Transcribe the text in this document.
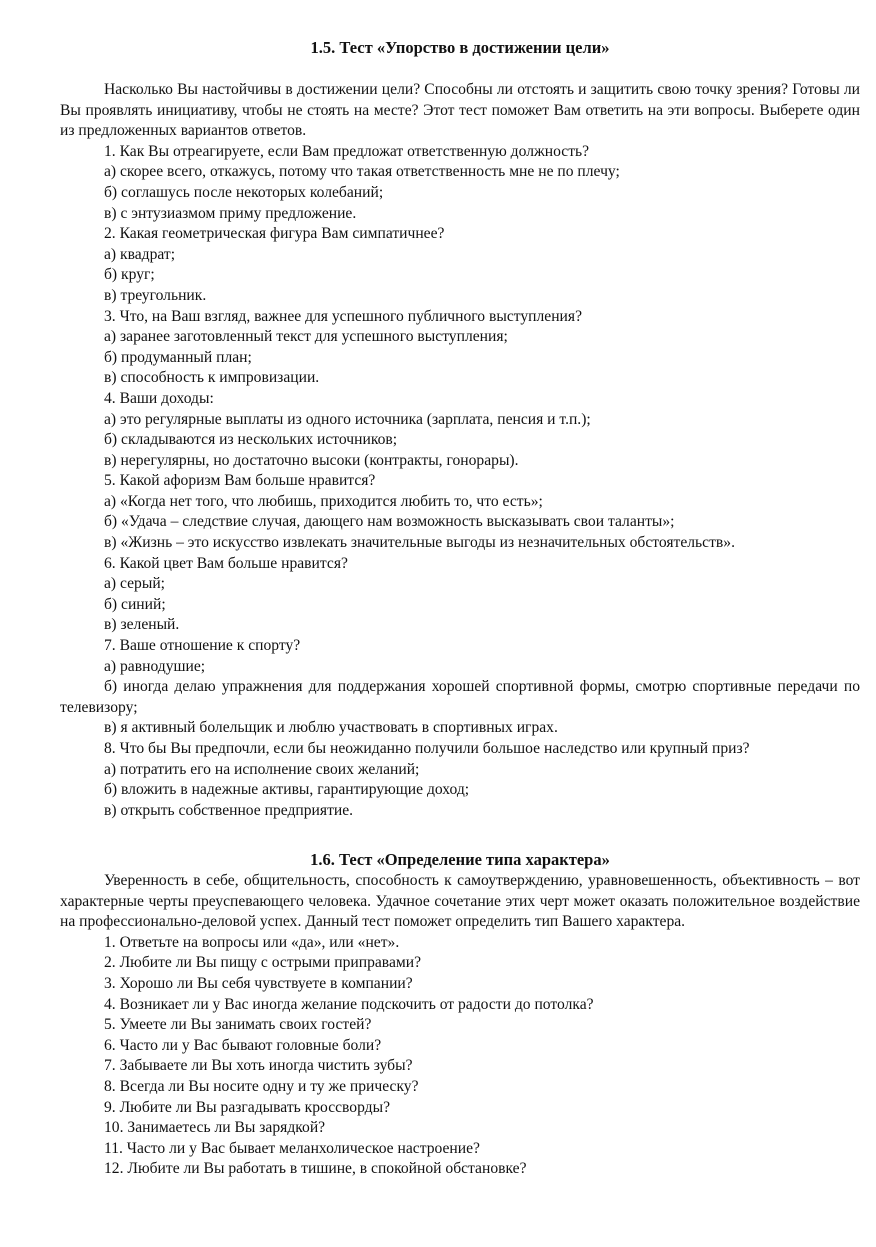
1.5. Тест «Упорство в достижении цели»

Насколько Вы настойчивы в достижении цели? Способны ли отстоять и защитить свою точку зрения? Готовы ли Вы проявлять инициативу, чтобы не стоять на месте? Этот тест поможет Вам ответить на эти вопросы. Выберете один из предложенных вариантов ответов.

1. Как Вы отреагируете, если Вам предложат ответственную должность?

а) скорее всего, откажусь, потому что такая ответственность мне не по плечу;

б) соглашусь после некоторых колебаний;

в) с энтузиазмом приму предложение.

2. Какая геометрическая фигура Вам симпатичнее?

а) квадрат;

б) круг;

в) треугольник.

3. Что, на Ваш взгляд, важнее для успешного публичного выступления?

а) заранее заготовленный текст для успешного выступления;

б) продуманный план;

в) способность к импровизации.

4. Ваши доходы:

а) это регулярные выплаты из одного источника (зарплата, пенсия и т.п.);

б) складываются из нескольких источников;

в) нерегулярны, но достаточно высоки (контракты, гонорары).

5. Какой афоризм Вам больше нравится?

а) «Когда нет того, что любишь, приходится любить то, что есть»;

б) «Удача – следствие случая, дающего нам возможность высказывать свои таланты»;

в) «Жизнь – это искусство извлекать значительные выгоды из незначительных обстоятельств».

6. Какой цвет Вам больше нравится?

а) серый;

б) синий;

в) зеленый.

7. Ваше отношение к спорту?

а) равнодушие;

б) иногда делаю упражнения для поддержания хорошей спортивной формы, смотрю спортивные передачи по телевизору;

в) я активный болельщик и люблю участвовать в спортивных играх.

8. Что бы Вы предпочли, если бы неожиданно получили большое наследство или крупный приз?

а) потратить его на исполнение своих желаний;

б) вложить в надежные активы, гарантирующие доход;

в) открыть собственное предприятие.

1.6. Тест «Определение типа характера»

Уверенность в себе, общительность, способность к самоутверждению, уравновешенность, объективность – вот характерные черты преуспевающего человека. Удачное сочетание этих черт может оказать положительное воздействие на профессионально-деловой успех. Данный тест поможет определить тип Вашего характера.

1. Ответьте на вопросы или «да», или «нет».

2. Любите ли Вы пищу с острыми приправами?

3. Хорошо ли Вы себя чувствуете в компании?

4. Возникает ли у Вас иногда желание подскочить от радости до потолка?

5. Умеете ли Вы занимать своих гостей?

6. Часто ли у Вас бывают головные боли?

7. Забываете ли Вы хоть иногда чистить зубы?

8. Всегда ли Вы носите одну и ту же прическу?

9. Любите ли Вы разгадывать кроссворды?

10. Занимаетесь ли Вы зарядкой?

11. Часто ли у Вас бывает меланхолическое настроение?

12. Любите ли Вы работать в тишине, в спокойной обстановке?
